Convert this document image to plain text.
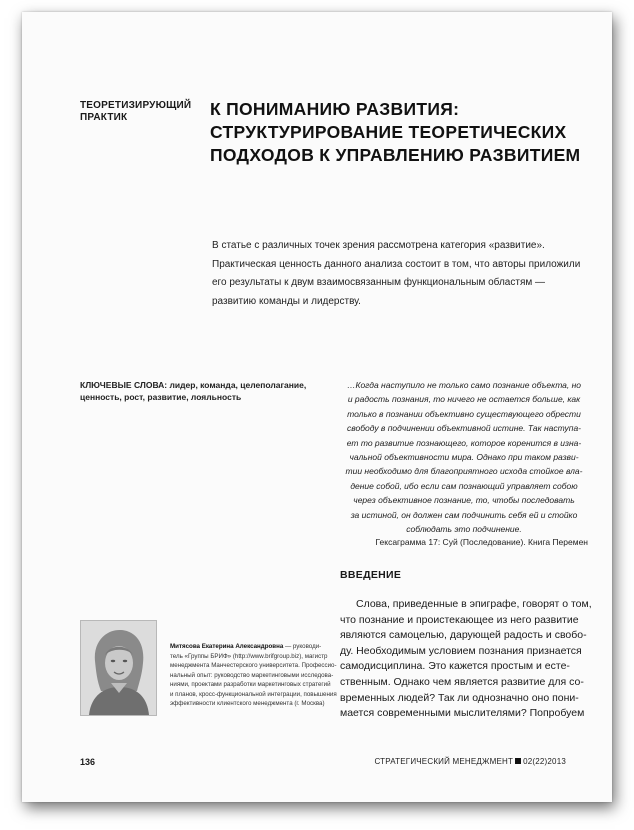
ТЕОРЕТИЗИРУЮЩИЙ
ПРАКТИК	К ПОНИМАНИЮ РАЗВИТИЯ:
СТРУКТУРИРОВАНИЕ ТЕОРЕТИЧЕСКИХ
ПОДХОДОВ К УПРАВЛЕНИЮ РАЗВИТИЕМ
В статье с различных точек зрения рассмотрена категория «развитие». Практическая ценность данного анализа состоит в том, что авторы приложили его результаты к двум взаимосвязанным функциональным областям — развитию команды и лидерству.
КЛЮЧЕВЫЕ СЛОВА: лидер, команда, целеполагание, ценность, рост, развитие, лояльность
…Когда наступило не только само познание объекта, но
и радость познания, то ничего не остается больше, как
только в познании объективно существующего обрести
свободу в подчинении объективной истине. Так наступа-
ет то развитие познающего, которое коренится в изна-
чальной объективности мира. Однако при таком разви-
тии необходимо для благоприятного исхода стойкое вла-
дение собой, ибо если сам познающий управляет собою
через объективное познание, то, чтобы последовать
за истиной, он должен сам подчинить себя ей и стойко
соблюдать это подчинение.
Гексаграмма 17: Суй (Последование). Книга Перемен
ВВЕДЕНИЕ
Слова, приведенные в эпиграфе, говорят о том,
что познание и проистекающее из него развитие
являются самоцелью, дарующей радость и свобо-
ду. Необходимым условием познания признается
самодисциплина. Это кажется простым и есте-
ственным. Однако чем является развитие для со-
временных людей? Так ли однозначно оно пони-
мается современными мыслителями? Попробуем
Митясова Екатерина Александровна — руководи-
тель «Группы БРИФ» (http://www.brifgroup.biz), магистр
менеджмента Манчестерского университета. Профессио-
нальный опыт: руководство маркетинговыми исследова-
ниями, проектами разработки маркетинговых стратегий
и планов, кросс-функциональной интеграции, повышения
эффективности клиентского менеджмента (г. Москва)
136	СТРАТЕГИЧЕСКИЙ МЕНЕДЖМЕНТ 02(22)2013
